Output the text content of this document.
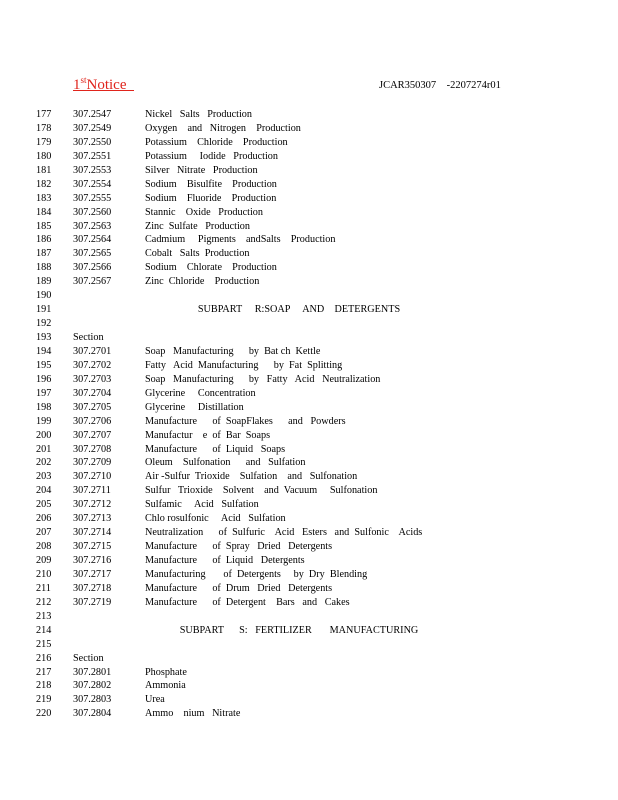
1stNotice	JCAR350307    -2207274r01
177	307.2547	Nickel   Salts   Production
178	307.2549	Oxygen    and   Nitrogen    Production
179	307.2550	Potassium    Chloride    Production
180	307.2551	Potassium     Iodide   Production
181	307.2553	Silver   Nitrate   Production
182	307.2554	Sodium    Bisulfite    Production
183	307.2555	Sodium    Fluoride    Production
184	307.2560	Stannic    Oxide   Production
185	307.2563	Zinc  Sulfate   Production
186	307.2564	Cadmium     Pigments    andSalts    Production
187	307.2565	Cobalt   Salts  Production
188	307.2566	Sodium    Chlorate    Production
189	307.2567	Zinc  Chloride    Production
190
191	SUBPART     R:SOAP     AND    DETERGENTS
192
193	Section
194	307.2701	Soap   Manufacturing      by  Bat ch  Kettle
195	307.2702	Fatty   Acid  Manufacturing      by  Fat  Splitting
196	307.2703	Soap   Manufacturing      by   Fatty   Acid   Neutralization
197	307.2704	Glycerine     Concentration
198	307.2705	Glycerine     Distillation
199	307.2706	Manufacture      of  SoapFlakes      and   Powders
200	307.2707	Manufactur    e  of  Bar  Soaps
201	307.2708	Manufacture      of  Liquid   Soaps
202	307.2709	Oleum    Sulfonation      and   Sulfation
203	307.2710	Air -Sulfur  Trioxide    Sulfation    and   Sulfonation
204	307.2711	Sulfur   Trioxide    Solvent    and  Vacuum     Sulfonation
205	307.2712	Sulfamic     Acid   Sulfation
206	307.2713	Chlo rosulfonic     Acid   Sulfation
207	307.2714	Neutralization      of  Sulfuric    Acid   Esters   and  Sulfonic    Acids
208	307.2715	Manufacture      of  Spray   Dried   Detergents
209	307.2716	Manufacture      of  Liquid   Detergents
210	307.2717	Manufacturing       of  Detergents     by  Dry  Blending
211	307.2718	Manufacture      of  Drum   Dried   Detergents
212	307.2719	Manufacture      of  Detergent    Bars   and   Cakes
213
214	SUBPART      S:   FERTILIZER       MANUFACTURING
215
216	Section
217	307.2801	Phosphate
218	307.2802	Ammonia
219	307.2803	Urea
220	307.2804	Ammo    nium   Nitrate
